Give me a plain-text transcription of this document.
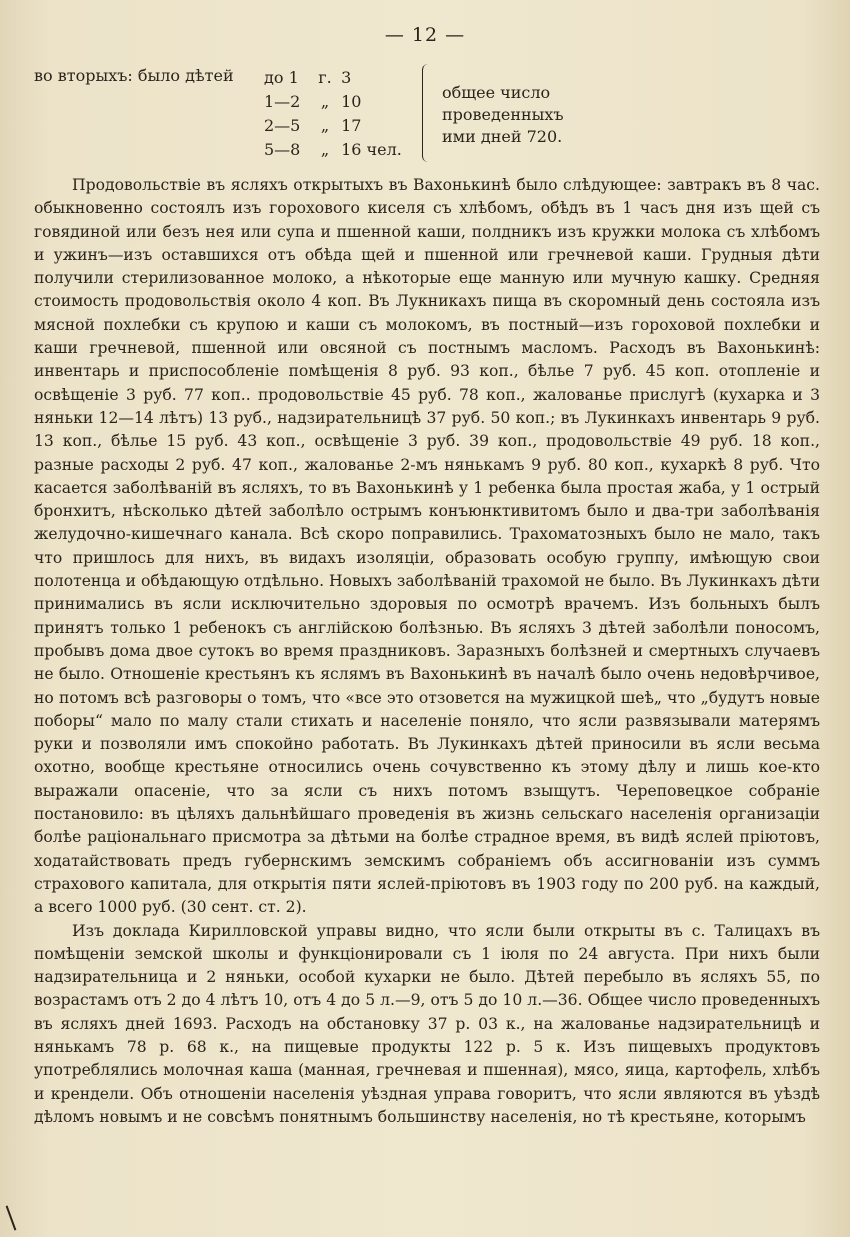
— 12 —
во вторыхъ: было дѣтей до 1 г. 3
1—2 „ 10
2—5 „ 17
5—8 „ 16 чел.
общее число проведенныхъ ими дней 720.

Продовольствіе въ ясляхъ открытыхъ въ Вахонькинѣ было слѣдующее: завтракъ въ 8 час. обыкновенно состоялъ изъ горохового киселя съ хлѣбомъ, обѣдъ въ 1 часъ дня изъ щей съ говядиной или безъ нея или супа и пшенной каши, полдникъ изъ кружки молока съ хлѣбомъ и ужинъ—изъ оставшихся отъ обѣда щей и пшенной или гречневой каши. Грудныя дѣти получили стерилизованное молоко, а нѣкоторые еще манную или мучную кашку. Средняя стоимость продовольствія около 4 коп. Въ Лукникахъ пища въ скоромный день состояла изъ мясной похлебки съ крупою и каши съ молокомъ, въ постный—изъ гороховой похлебки и каши гречневой, пшенной или овсяной съ постнымъ масломъ. Расходъ въ Вахонькинѣ: инвентарь и приспособленіе помѣщенія 8 руб. 93 коп., бѣлье 7 руб. 45 коп. отопленіе и освѣщеніе 3 руб. 77 коп.. продовольствіе 45 руб. 78 коп., жалованье прислугѣ (кухарка и 3 няньки 12—14 лѣтъ) 13 руб., надзирательницѣ 37 руб. 50 коп.; въ Лукинкахъ инвентарь 9 руб. 13 коп., бѣлье 15 руб. 43 коп., освѣщеніе 3 руб. 39 коп., продовольствіе 49 руб. 18 коп., разные расходы 2 руб. 47 коп., жалованье 2-мъ нянькамъ 9 руб. 80 коп., кухаркѣ 8 руб. Что касается заболѣваній въ ясляхъ, то въ Вахонькинѣ у 1 ребенка была простая жаба, у 1 острый бронхитъ, нѣсколько дѣтей заболѣло острымъ конъюнктивитомъ было и два-три заболѣванія желудочно-кишечнаго канала. Всѣ скоро поправились. Трахоматозныхъ было не мало, такъ что пришлось для нихъ, въ видахъ изоляціи, образовать особую группу, имѣющую свои полотенца и обѣдающую отдѣльно. Новыхъ заболѣваній трахомой не было. Въ Лукинкахъ дѣти принимались въ ясли исключительно здоровыя по осмотрѣ врачемъ. Изъ больныхъ былъ принятъ только 1 ребенокъ съ англійскою болѣзнью. Въ ясляхъ 3 дѣтей заболѣли поносомъ, пробывъ дома двое сутокъ во время праздниковъ. Заразныхъ болѣзней и смертныхъ случаевъ не было. Отношеніе крестьянъ къ яслямъ въ Вахонькинѣ въ началѣ было очень недовѣрчивое, но потомъ всѣ разговоры о томъ, что «все это отзовется на мужицкой шеѣ„ что „будутъ новые поборы“ мало по малу стали стихать и населеніе поняло, что ясли развязывали матерямъ руки и позволяли имъ спокойно работать. Въ Лукинкахъ дѣтей приносили въ ясли весьма охотно, вообще крестьяне относились очень сочувственно къ этому дѣлу и лишь кое-кто выражали опасеніе, что за ясли съ нихъ потомъ взыщутъ. Череповецкое собраніе постановило: въ цѣляхъ дальнѣйшаго проведенія въ жизнь сельскаго населенія организаціи болѣе раціональнаго присмотра за дѣтьми на болѣе страдное время, въ видѣ яслей пріютовъ, ходатайствовать предъ губернскимъ земскимъ собраніемъ объ ассигнованіи изъ суммъ страхового капитала, для открытія пяти яслей-пріютовъ въ 1903 году по 200 руб. на каждый, а всего 1000 руб. (30 сент. ст. 2).

Изъ доклада Кирилловской управы видно, что ясли были открыты въ с. Талицахъ въ помѣщеніи земской школы и функціонировали съ 1 іюля по 24 августа. При нихъ были надзирательница и 2 няньки, особой кухарки не было. Дѣтей перебыло въ ясляхъ 55, по возрастамъ отъ 2 до 4 лѣтъ 10, отъ 4 до 5 л.—9, отъ 5 до 10 л.—36. Общее число проведенныхъ въ ясляхъ дней 1693. Расходъ на обстановку 37 р. 03 к., на жалованье надзирательницѣ и нянькамъ 78 р. 68 к., на пищевые продукты 122 р. 5 к. Изъ пищевыхъ продуктовъ употреблялись молочная каша (манная, гречневая и пшенная), мясо, яица, картофель, хлѣбъ и крендели. Объ отношеніи населенія уѣздная управа говоритъ, что ясли являются въ уѣздѣ дѣломъ новымъ и не совсѣмъ понятнымъ большинству населенія, но тѣ крестьяне, которымъ
